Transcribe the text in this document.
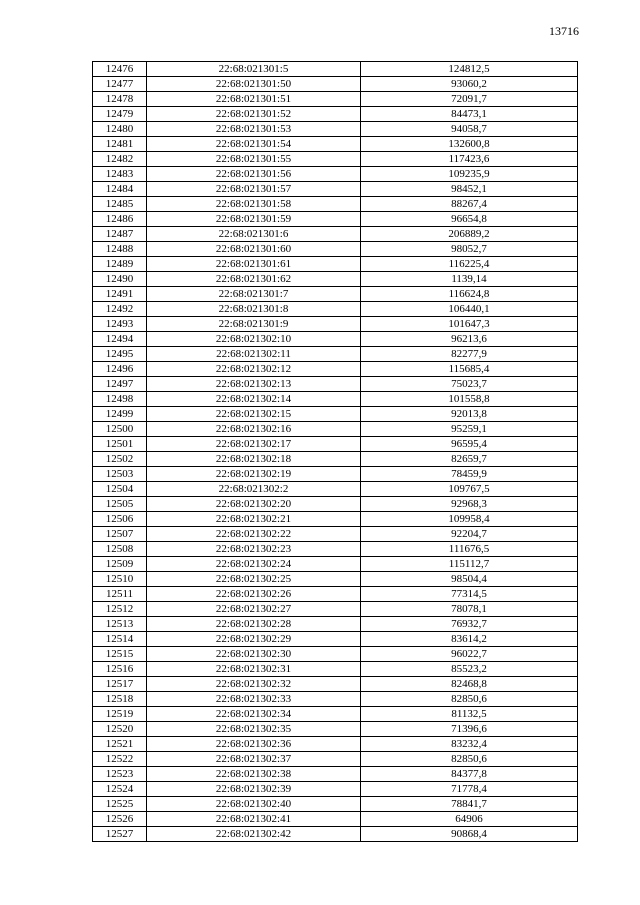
13716
12476	22:68:021301:5	124812,5
12477	22:68:021301:50	93060,2
12478	22:68:021301:51	72091,7
12479	22:68:021301:52	84473,1
12480	22:68:021301:53	94058,7
12481	22:68:021301:54	132600,8
12482	22:68:021301:55	117423,6
12483	22:68:021301:56	109235,9
12484	22:68:021301:57	98452,1
12485	22:68:021301:58	88267,4
12486	22:68:021301:59	96654,8
12487	22:68:021301:6	206889,2
12488	22:68:021301:60	98052,7
12489	22:68:021301:61	116225,4
12490	22:68:021301:62	1139,14
12491	22:68:021301:7	116624,8
12492	22:68:021301:8	106440,1
12493	22:68:021301:9	101647,3
12494	22:68:021302:10	96213,6
12495	22:68:021302:11	82277,9
12496	22:68:021302:12	115685,4
12497	22:68:021302:13	75023,7
12498	22:68:021302:14	101558,8
12499	22:68:021302:15	92013,8
12500	22:68:021302:16	95259,1
12501	22:68:021302:17	96595,4
12502	22:68:021302:18	82659,7
12503	22:68:021302:19	78459,9
12504	22:68:021302:2	109767,5
12505	22:68:021302:20	92968,3
12506	22:68:021302:21	109958,4
12507	22:68:021302:22	92204,7
12508	22:68:021302:23	111676,5
12509	22:68:021302:24	115112,7
12510	22:68:021302:25	98504,4
12511	22:68:021302:26	77314,5
12512	22:68:021302:27	78078,1
12513	22:68:021302:28	76932,7
12514	22:68:021302:29	83614,2
12515	22:68:021302:30	96022,7
12516	22:68:021302:31	85523,2
12517	22:68:021302:32	82468,8
12518	22:68:021302:33	82850,6
12519	22:68:021302:34	81132,5
12520	22:68:021302:35	71396,6
12521	22:68:021302:36	83232,4
12522	22:68:021302:37	82850,6
12523	22:68:021302:38	84377,8
12524	22:68:021302:39	71778,4
12525	22:68:021302:40	78841,7
12526	22:68:021302:41	64906
12527	22:68:021302:42	90868,4
